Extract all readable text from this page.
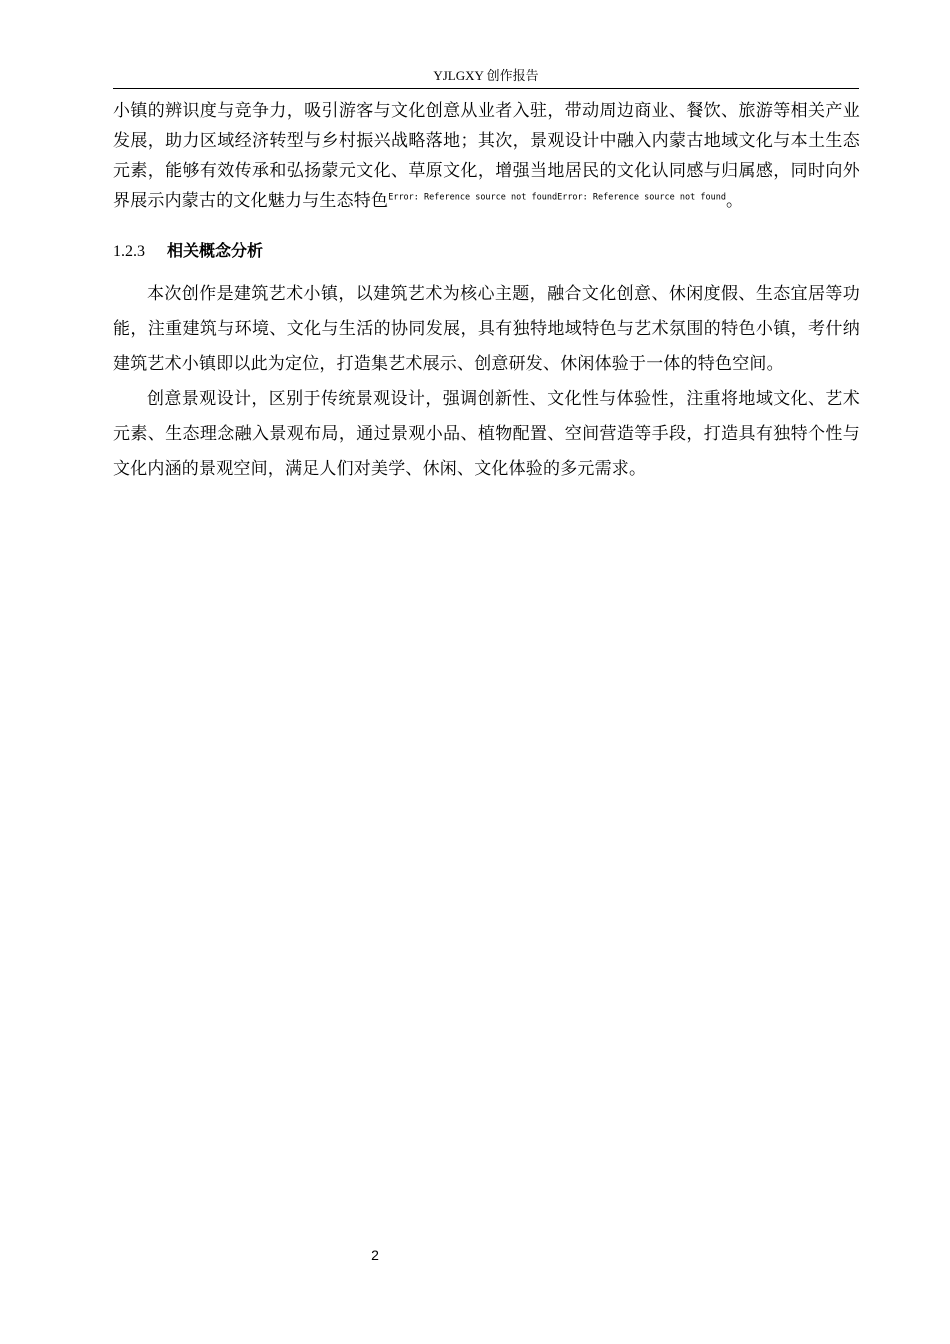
YJLGXY 创作报告

小镇的辨识度与竞争力，吸引游客与文化创意从业者入驻，带动周边商业、餐饮、旅游等相关产业发展，助力区域经济转型与乡村振兴战略落地；其次，景观设计中融入内蒙古地域文化与本土生态元素，能够有效传承和弘扬蒙元文化、草原文化，增强当地居民的文化认同感与归属感，同时向外界展示内蒙古的文化魅力与生态特色$^{Error: Reference source not foundError: Reference source not found}$。

1.2.3 相关概念分析

本次创作是建筑艺术小镇，以建筑艺术为核心主题，融合文化创意、休闲度假、生态宜居等功能，注重建筑与环境、文化与生活的协同发展，具有独特地域特色与艺术氛围的特色小镇，考什纳建筑艺术小镇即以此为定位，打造集艺术展示、创意研发、休闲体验于一体的特色空间。

创意景观设计，区别于传统景观设计，强调创新性、文化性与体验性，注重将地域文化、艺术元素、生态理念融入景观布局，通过景观小品、植物配置、空间营造等手段，打造具有独特个性与文化内涵的景观空间，满足人们对美学、休闲、文化体验的多元需求。

2
